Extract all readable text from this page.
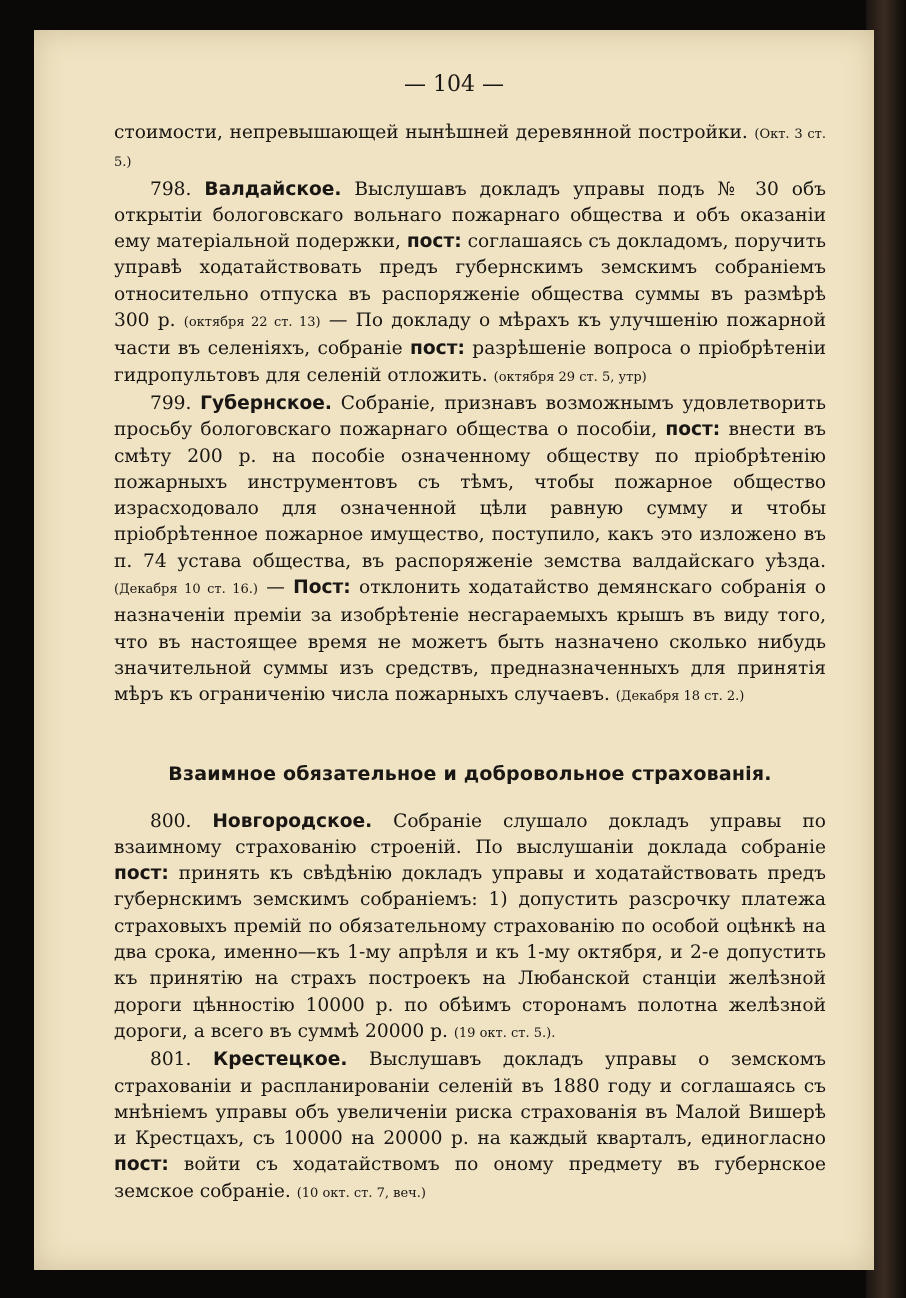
— 104 —

стоимости, непревышающей нынѣшней деревянной постройки. (Окт. 3 ст. 5.)

798. Валдайское. Выслушавъ докладъ управы подъ № 30 объ открытіи бологовскаго вольнаго пожарнаго общества и объ оказаніи ему матеріальной подержки, пост: соглашаясь съ докладомъ, поручить управѣ ходатайствовать предъ губернскимъ земскимъ собраніемъ относительно отпуска въ распоряженіе общества суммы въ размѣрѣ 300 р. (октября 22 ст. 13) — По докладу о мѣрахъ къ улучшенію пожарной части въ селеніяхъ, собраніе пост: разрѣшеніе вопроса о пріобрѣтеніи гидропультовъ для селеній отложить. (октября 29 ст. 5, утр)

799. Губернское. Собраніе, признавъ возможнымъ удовлетворить просьбу бологовскаго пожарнаго общества о пособіи, пост: внести въ смѣту 200 р. на пособіе означенному обществу по пріобрѣтенію пожарныхъ инструментовъ съ тѣмъ, чтобы пожарное общество израсходовало для означенной цѣли равную сумму и чтобы пріобрѣтенное пожарное имущество, поступило, какъ это изложено въ п. 74 устава общества, въ распоряженіе земства валдайскаго уѣзда. (Декабря 10 ст. 16.) — Пост: отклонить ходатайство демянскаго собранія о назначеніи преміи за изобрѣтеніе несгараемыхъ крышъ въ виду того, что въ настоящее время не можетъ быть назначено сколько нибудь значительной суммы изъ средствъ, предназначенныхъ для принятія мѣръ къ ограниченію числа пожарныхъ случаевъ. (Декабря 18 ст. 2.)

Взаимное обязательное и добровольное страхованія.

800. Новгородское. Собраніе слушало докладъ управы по взаимному страхованію строеній. По выслушаніи доклада собраніе пост: принять къ свѣдѣнію докладъ управы и ходатайствовать предъ губернскимъ земскимъ собраніемъ: 1) допустить разсрочку платежа страховыхъ премій по обязательному страхованію по особой оцѣнкѣ на два срока, именно—къ 1-му апрѣля и къ 1-му октября, и 2-е допустить къ принятію на страхъ построекъ на Любанской станціи желѣзной дороги цѣнностію 10000 р. по обѣимъ сторонамъ полотна желѣзной дороги, а всего въ суммѣ 20000 р. (19 окт. ст. 5.).

801. Крестецкое. Выслушавъ докладъ управы о земскомъ страхованіи и распланированіи селеній въ 1880 году и соглашаясь съ мнѣніемъ управы объ увеличеніи риска страхованія въ Малой Вишерѣ и Крестцахъ, съ 10000 на 20000 р. на каждый кварталъ, единогласно пост: войти съ ходатайствомъ по оному предмету въ губернское земское собраніе. (10 окт. ст. 7, веч.)
